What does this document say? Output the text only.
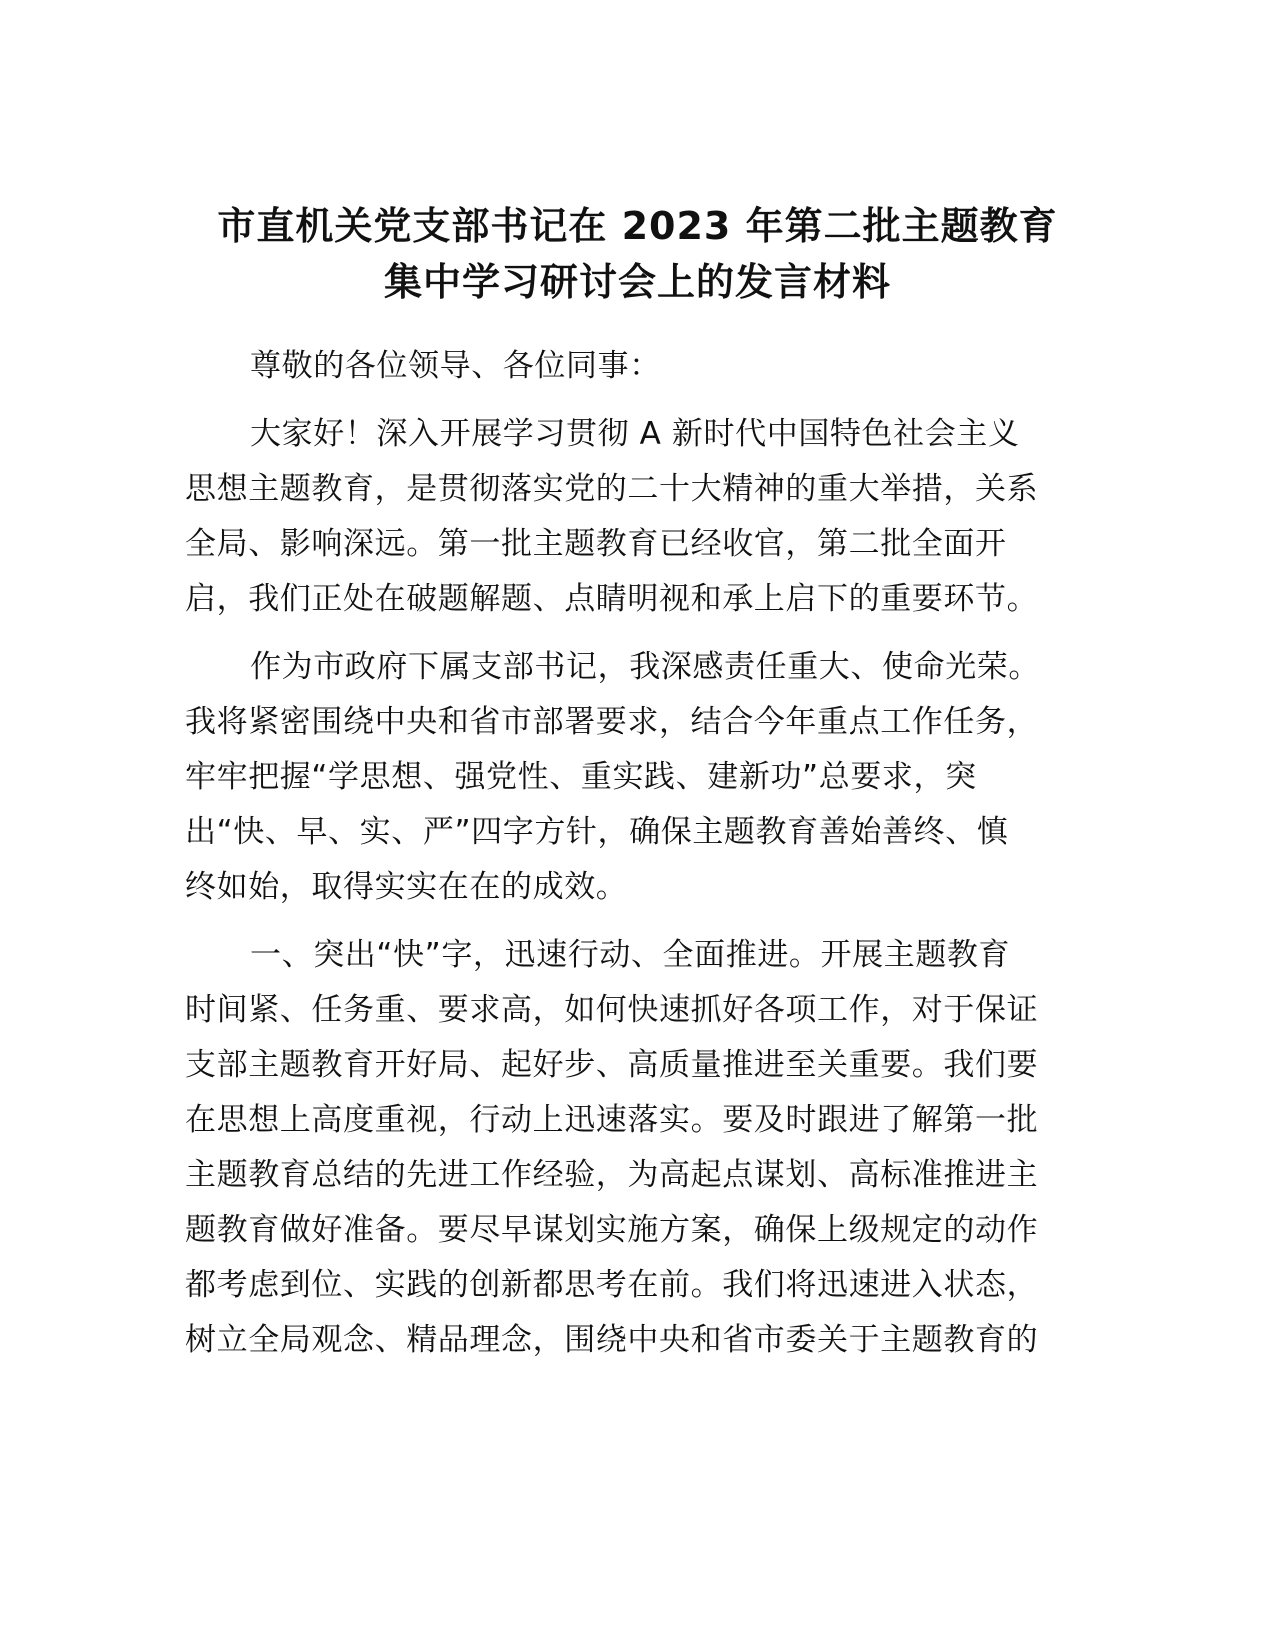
市直机关党支部书记在 2023 年第二批主题教育
集中学习研讨会上的发言材料
尊敬的各位领导、各位同事：
大家好！深入开展学习贯彻 A 新时代中国特色社会主义
思想主题教育，是贯彻落实党的二十大精神的重大举措，关系
全局、影响深远。第一批主题教育已经收官，第二批全面开
启，我们正处在破题解题、点睛明视和承上启下的重要环节。
作为市政府下属支部书记，我深感责任重大、使命光荣。
我将紧密围绕中央和省市部署要求，结合今年重点工作任务，
牢牢把握“学思想、强党性、重实践、建新功”总要求，突
出“快、早、实、严”四字方针，确保主题教育善始善终、慎
终如始，取得实实在在的成效。
一、突出“快”字，迅速行动、全面推进。开展主题教育
时间紧、任务重、要求高，如何快速抓好各项工作，对于保证
支部主题教育开好局、起好步、高质量推进至关重要。我们要
在思想上高度重视，行动上迅速落实。要及时跟进了解第一批
主题教育总结的先进工作经验，为高起点谋划、高标准推进主
题教育做好准备。要尽早谋划实施方案，确保上级规定的动作
都考虑到位、实践的创新都思考在前。我们将迅速进入状态，
树立全局观念、精品理念，围绕中央和省市委关于主题教育的
